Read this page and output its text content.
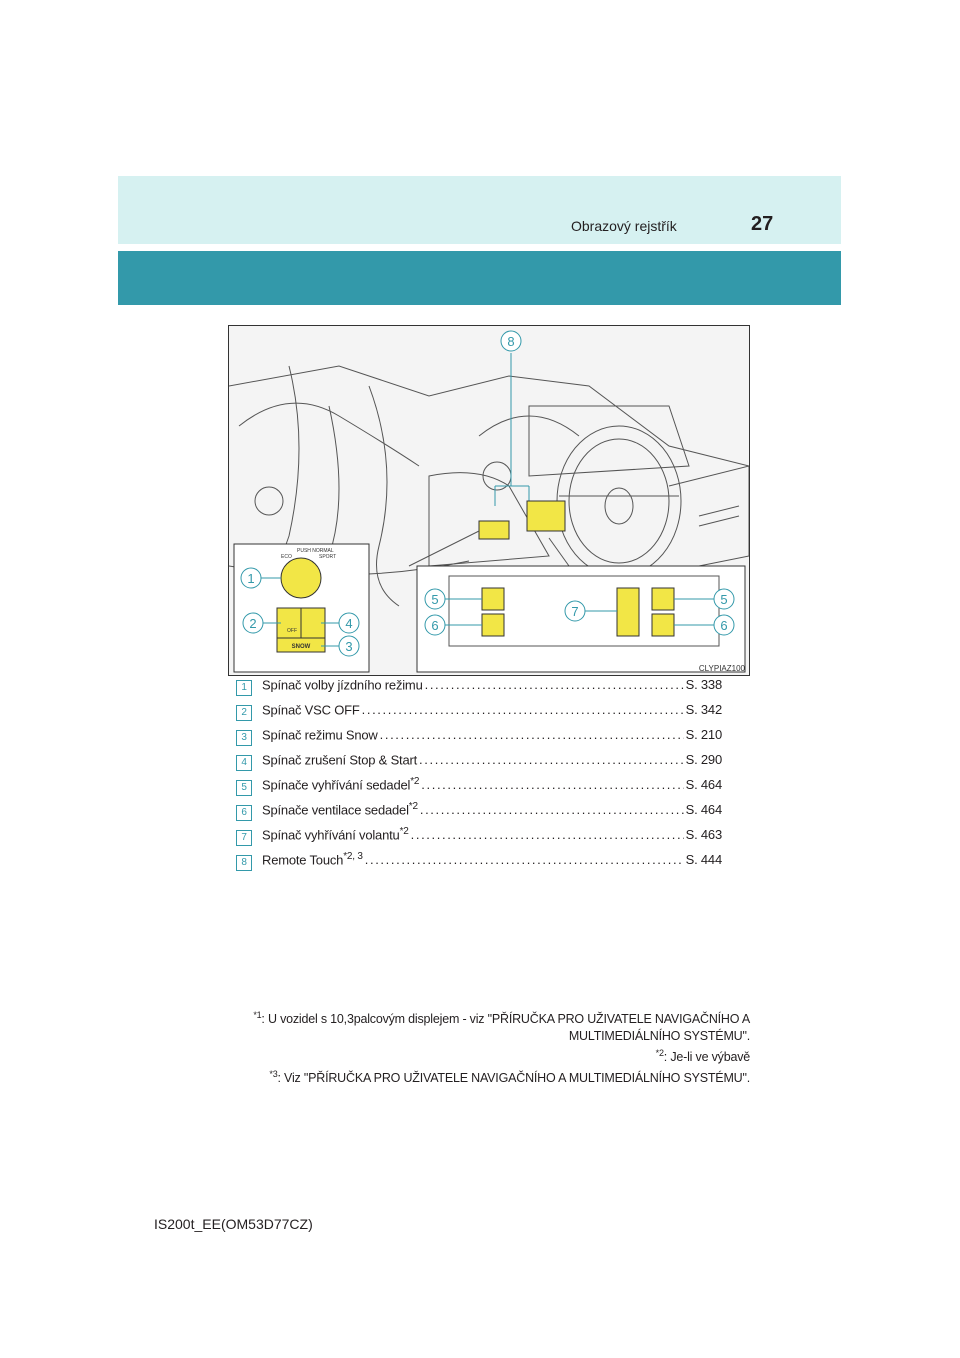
Obrazový rejstřík	27
8
ECO
PUSH NORMAL
SPORT
OFF
SNOW
1
2
3
4
5	5
6	6
7
CLYPIAZ100
1	Spínač volby jízdního režimu . . .	S. 338
2	Spínač VSC OFF . . .	S. 342
3	Spínač režimu Snow . . .	S. 210
4	Spínač zrušení Stop & Start . . .	S. 290
5	Spínače vyhřívání sedadel$^{*2}$ . . .	S. 464
6	Spínače ventilace sedadel$^{*2}$ . . .	S. 464
7	Spínač vyhřívání volantu$^{*2}$ . . .	S. 463
8	Remote Touch$^{*2, 3}$ . . .	S. 444
$^{*1}$: U vozidel s 10,3palcovým displejem - viz "PŘÍRUČKA PRO UŽIVATELE NAVIGAČNÍHO A MULTIMEDIÁLNÍHO SYSTÉMU".
$^{*2}$: Je-li ve výbavě
$^{*3}$: Viz "PŘÍRUČKA PRO UŽIVATELE NAVIGAČNÍHO A MULTIMEDIÁLNÍHO SYSTÉMU".
IS200t_EE(OM53D77CZ)
